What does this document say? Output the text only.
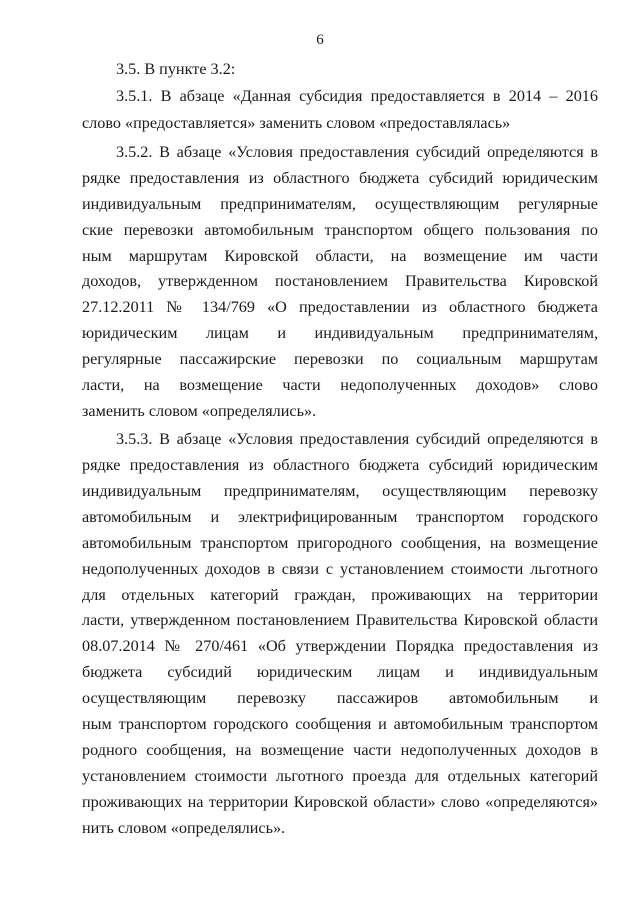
6
3.5. В пункте 3.2:
3.5.1. В абзаце «Данная субсидия предоставляется в 2014 – 2016
слово «предоставляется» заменить словом «предоставлялась»
3.5.2. В абзаце «Условия предоставления субсидий определяются в
рядке предоставления из областного бюджета субсидий юридическим
индивидуальным предпринимателям, осуществляющим регулярные
ские перевозки автомобильным транспортом общего пользования по
ным маршрутам Кировской области, на возмещение им части
доходов, утвержденном постановлением Правительства Кировской
27.12.2011 № 134/769 «О предоставлении из областного бюджета
юридическим лицам и индивидуальным предпринимателям,
регулярные пассажирские перевозки по социальным маршрутам
ласти, на возмещение части недополученных доходов» слово
заменить словом «определялись».
3.5.3. В абзаце «Условия предоставления субсидий определяются в
рядке предоставления из областного бюджета субсидий юридическим
индивидуальным предпринимателям, осуществляющим перевозку
автомобильным и электрифицированным транспортом городского
автомобильным транспортом пригородного сообщения, на возмещение
недополученных доходов в связи с установлением стоимости льготного
для отдельных категорий граждан, проживающих на территории
ласти, утвержденном постановлением Правительства Кировской области
08.07.2014 № 270/461 «Об утверждении Порядка предоставления из
бюджета субсидий юридическим лицам и индивидуальным
осуществляющим перевозку пассажиров автомобильным и
ным транспортом городского сообщения и автомобильным транспортом
родного сообщения, на возмещение части недополученных доходов в
установлением стоимости льготного проезда для отдельных категорий
проживающих на территории Кировской области» слово «определяются»
нить словом «определялись».
